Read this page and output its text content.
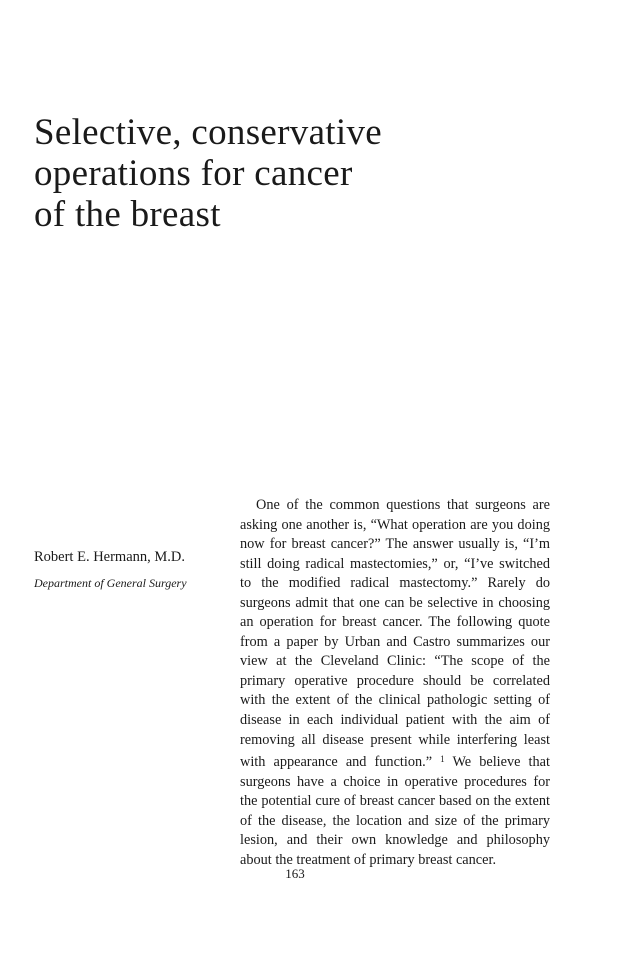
Selective, conservative
operations for cancer
of the breast
Robert E. Hermann, M.D.
Department of General Surgery

One of the common questions that surgeons are asking one another is, “What operation are you doing now for breast cancer?” The answer usually is, “I’m still doing radical mastectomies,” or, “I’ve switched to the modified radical mastectomy.” Rarely do surgeons admit that one can be selective in choosing an operation for breast cancer. The following quote from a paper by Urban and Castro summarizes our view at the Cleveland Clinic: “The scope of the primary operative procedure should be correlated with the extent of the clinical pathologic setting of disease in each individual patient with the aim of removing all disease present while interfering least with appearance and function.” $^1$ We believe that surgeons have a choice in operative procedures for the potential cure of breast cancer based on the extent of the disease, the location and size of the primary lesion, and their own knowledge and philosophy about the treatment of primary breast cancer.

163
